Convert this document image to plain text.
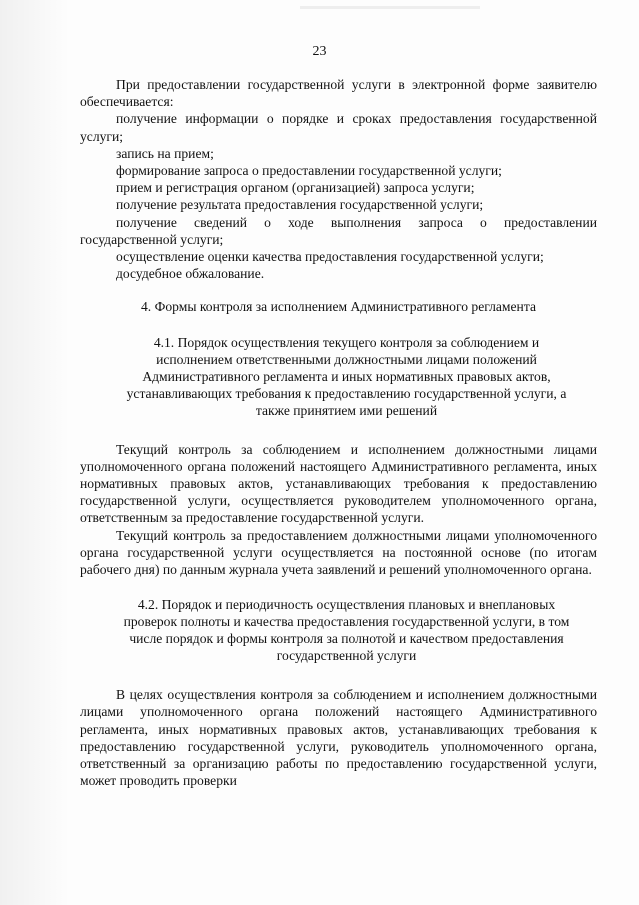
23

При предоставлении государственной услуги в электронной форме заявителю обеспечивается:

получение информации о порядке и сроках предоставления государственной услуги;

запись на прием;

формирование запроса о предоставлении государственной услуги;

прием и регистрация органом (организацией) запроса услуги;

получение результата предоставления государственной услуги;

получение сведений о ходе выполнения запроса о предоставлении государственной услуги;

осуществление оценки качества предоставления государственной услуги;

досудебное обжалование.

4. Формы контроля за исполнением Административного регламента

4.1. Порядок осуществления текущего контроля за соблюдением и исполнением ответственными должностными лицами положений Административного регламента и иных нормативных правовых актов, устанавливающих требования к предоставлению государственной услуги, а также принятием ими решений

Текущий контроль за соблюдением и исполнением должностными лицами уполномоченного органа положений настоящего Административного регламента, иных нормативных правовых актов, устанавливающих требования к предоставлению государственной услуги, осуществляется руководителем уполномоченного органа, ответственным за предоставление государственной услуги.

Текущий контроль за предоставлением должностными лицами уполномоченного органа государственной услуги осуществляется на постоянной основе (по итогам рабочего дня) по данным журнала учета заявлений и решений уполномоченного органа.

4.2. Порядок и периодичность осуществления плановых и внеплановых проверок полноты и качества предоставления государственной услуги, в том числе порядок и формы контроля за полнотой и качеством предоставления государственной услуги

В целях осуществления контроля за соблюдением и исполнением должностными лицами уполномоченного органа положений настоящего Административного регламента, иных нормативных правовых актов, устанавливающих требования к предоставлению государственной услуги, руководитель уполномоченного органа, ответственный за организацию работы по предоставлению государственной услуги, может проводить проверки
